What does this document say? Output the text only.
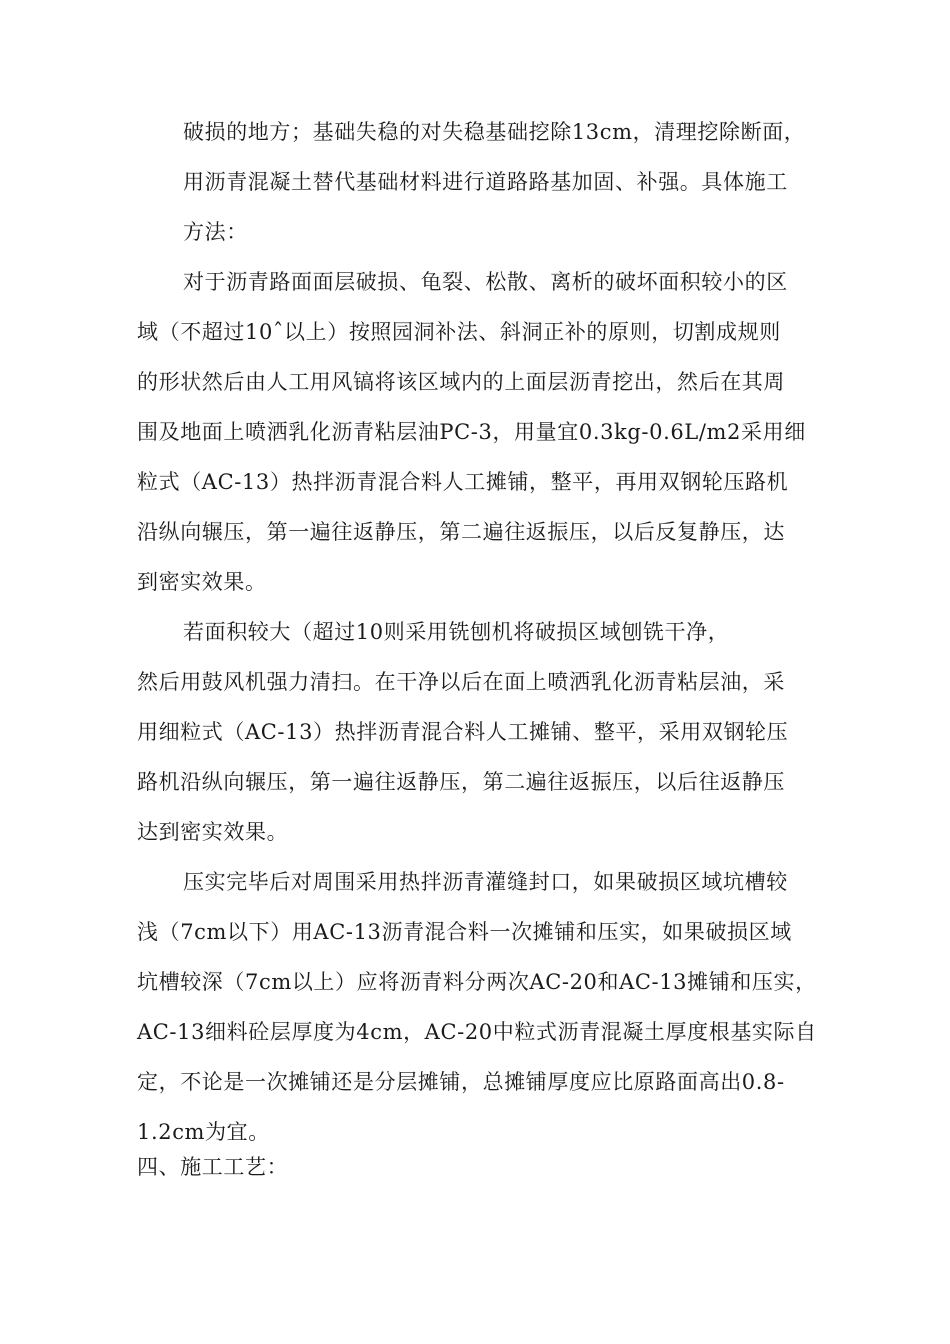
破损的地方；基础失稳的对失稳基础挖除13cm，清理挖除断面，
用沥青混凝土替代基础材料进行道路路基加固、补强。具体施工
方法：
对于沥青路面面层破损、龟裂、松散、离析的破坏面积较小的区
域（不超过10ˆ以上）按照园洞补法、斜洞正补的原则，切割成规则
的形状然后由人工用风镐将该区域内的上面层沥青挖出，然后在其周
围及地面上喷洒乳化沥青粘层油PC-3，用量宜0.3kg-0.6L/m2采用细
粒式（AC-13）热拌沥青混合料人工摊铺，整平，再用双钢轮压路机
沿纵向辗压，第一遍往返静压，第二遍往返振压，以后反复静压，达
到密实效果。
若面积较大（超过10则采用铣刨机将破损区域刨铣干净，
然后用鼓风机强力清扫。在干净以后在面上喷洒乳化沥青粘层油，采
用细粒式（AC-13）热拌沥青混合料人工摊铺、整平，采用双钢轮压
路机沿纵向辗压，第一遍往返静压，第二遍往返振压，以后往返静压
达到密实效果。
压实完毕后对周围采用热拌沥青灌缝封口，如果破损区域坑槽较
浅（7cm以下）用AC-13沥青混合料一次摊铺和压实，如果破损区域
坑槽较深（7cm以上）应将沥青料分两次AC-20和AC-13摊铺和压实，
AC-13细料砼层厚度为4cm，AC-20中粒式沥青混凝土厚度根基实际自
定，不论是一次摊铺还是分层摊铺，总摊铺厚度应比原路面高出0.8-
1.2cm为宜。
四、施工工艺：
